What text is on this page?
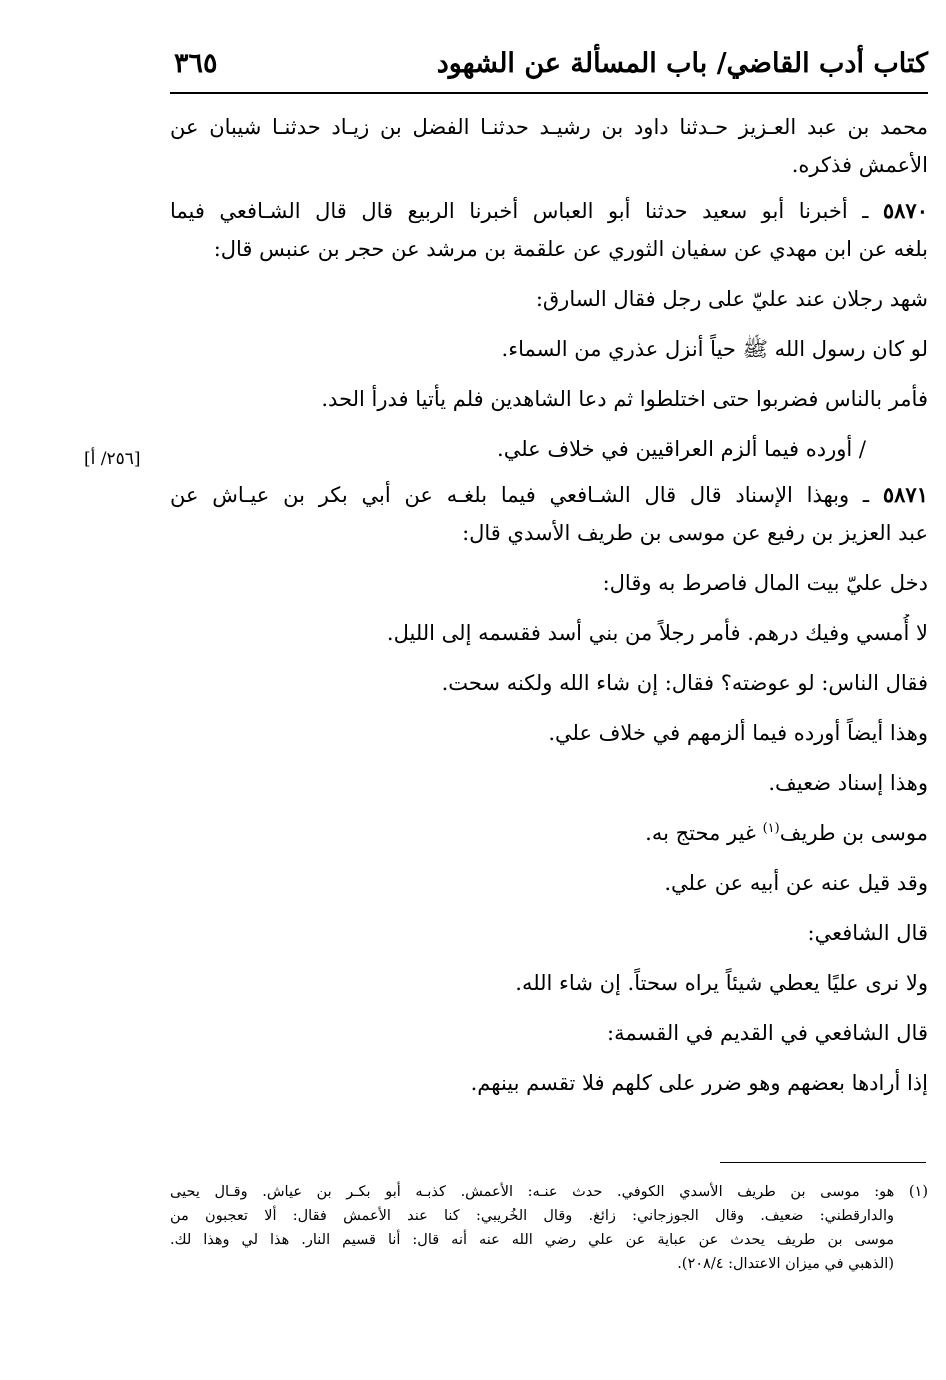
كتاب أدب القاضي/ باب المسألة عن الشهود
٣٦٥
[٢٥٦/ أ]
محمد بن عبد العـزيز حـدثنا داود بن رشيـد حدثنـا الفضل بن زيـاد حدثنـا شيبان عن
الأعمش فذكره.
٥٨٧٠ ـ أخبرنا أبو سعيد حدثنا أبو العباس أخبرنا الربيع قال قال الشـافعي فيما
بلغه عن ابن مهدي عن سفيان الثوري عن علقمة بن مرشد عن حجر بن عنبس قال:
شهد رجلان عند عليّ على رجل فقال السارق:
لو كان رسول الله ﷺ حياً أنزل عذري من السماء.
فأمر بالناس فضربوا حتى اختلطوا ثم دعا الشاهدين فلم يأتيا فدرأ الحد.
/ أورده فيما ألزم العراقيين في خلاف علي.
٥٨٧١ ـ وبهذا الإسناد قال قال الشـافعي فيما بلغـه عن أبي بكر بن عيـاش عن
عبد العزيز بن رفيع عن موسى بن طريف الأسدي قال:
دخل عليّ بيت المال فاصرط به وقال:
لا أُمسي وفيك درهم. فأمر رجلاً من بني أسد فقسمه إلى الليل.
فقال الناس: لو عوضته؟ فقال: إن شاء الله ولكنه سحت.
وهذا أيضاً أورده فيما ألزمهم في خلاف علي.
وهذا إسناد ضعيف.
موسى بن طريف$^{(١)}$ غير محتج به.
وقد قيل عنه عن أبيه عن علي.
قال الشافعي:
ولا نرى عليًا يعطي شيئاً يراه سحتاً. إن شاء الله.
قال الشافعي في القديم في القسمة:
إذا أرادها بعضهم وهو ضرر على كلهم فلا تقسم بينهم.
(١) هو: موسى بن طريف الأسدي الكوفي. حدث عنـه: الأعمش. كذبـه أبو بكـر بن عياش. وقـال يحيى
والدارقطني: ضعيف. وقال الجوزجاني: زائغ. وقال الخُريبي: كنا عند الأعمش فقال: ألا تعجبون من
موسى بن طريف يحدث عن عباية عن علي رضي الله عنه أنه قال: أنا قسيم النار. هذا لي وهذا لك.
(الذهبي في ميزان الاعتدال: ٢٠٨/٤).
